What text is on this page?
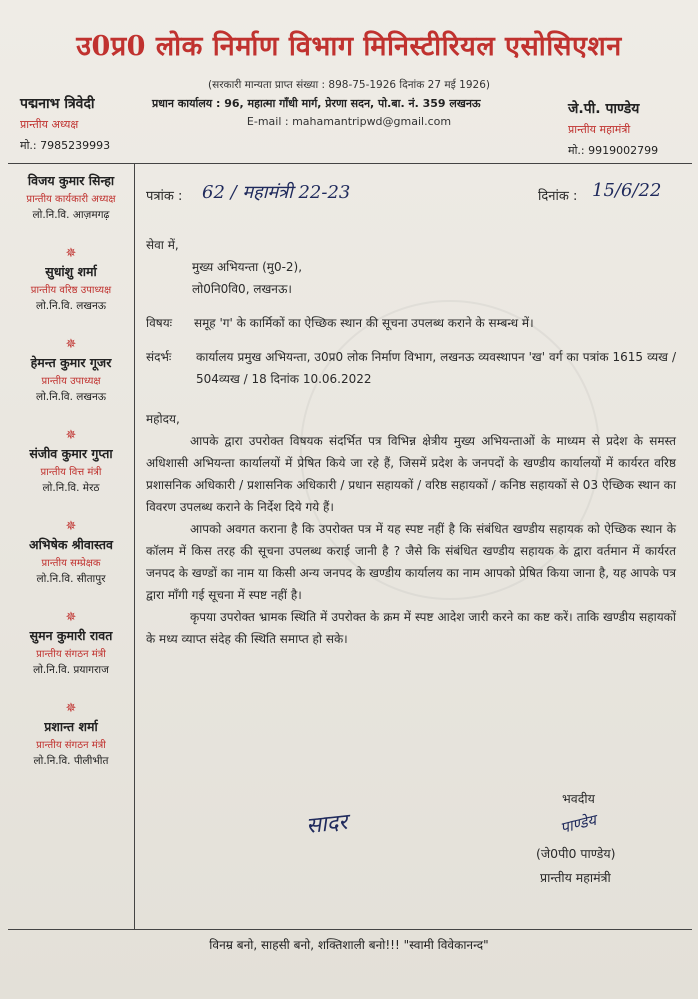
उ0प्र0 लोक निर्माण विभाग मिनिस्टीरियल एसोसिएशन
(सरकारी मान्यता प्राप्त संख्या : 898-75-1926 दिनांक 27 मई 1926)
प्रधान कार्यालय : 96, महात्मा गाँधी मार्ग, प्रेरणा सदन, पो.बा. नं. 359 लखनऊ
E-mail : mahamantripwd@gmail.com
पद्मनाभ त्रिवेदी
प्रान्तीय अध्यक्ष
मो.: 7985239993
जे.पी. पाण्डेय
प्रान्तीय महामंत्री
मो.: 9919002799
विजय कुमार सिन्हा
प्रान्तीय कार्यकारी अध्यक्ष
लो.नि.वि. आज़मगढ़
✵
सुधांशु शर्मा
प्रान्तीय वरिष्ठ उपाध्यक्ष
लो.नि.वि. लखनऊ
✵
हेमन्त कुमार गूजर
प्रान्तीय उपाध्यक्ष
लो.नि.वि. लखनऊ
✵
संजीव कुमार गुप्ता
प्रान्तीय वित्त मंत्री
लो.नि.वि. मेरठ
✵
अभिषेक श्रीवास्तव
प्रान्तीय सम्प्रेक्षक
लो.नि.वि. सीतापुर
✵
सुमन कुमारी रावत
प्रान्तीय संगठन मंत्री
लो.नि.वि. प्रयागराज
✵
प्रशान्त शर्मा
प्रान्तीय संगठन मंत्री
लो.नि.वि. पीलीभीत
पत्रांक : 62 / महामंत्री 22-23	दिनांक : 15/6/22
सेवा में,
मुख्य अभियन्ता (मु0-2),
लो0नि0वि0, लखनऊ।
विषयः	समूह 'ग' के कार्मिकों का ऐच्छिक स्थान की सूचना उपलब्ध कराने के सम्बन्ध में।
संदर्भः	कार्यालय प्रमुख अभियन्ता, उ0प्र0 लोक निर्माण विभाग, लखनऊ व्यवस्थापन 'ख' वर्ग का पत्रांक 1615 व्यख / 504व्यख / 18 दिनांक 10.06.2022
महोदय,
आपके द्वारा उपरोक्त विषयक संदर्भित पत्र विभिन्न क्षेत्रीय मुख्य अभियन्ताओं के माध्यम से प्रदेश के समस्त अधिशासी अभियन्ता कार्यालयों में प्रेषित किये जा रहे हैं, जिसमें प्रदेश के जनपदों के खण्डीय कार्यालयों में कार्यरत वरिष्ठ प्रशासनिक अधिकारी / प्रशासनिक अधिकारी / प्रधान सहायकों / वरिष्ठ सहायकों / कनिष्ठ सहायकों से 03 ऐच्छिक स्थान का विवरण उपलब्ध कराने के निर्देश दिये गये हैं।
आपको अवगत कराना है कि उपरोक्त पत्र में यह स्पष्ट नहीं है कि संबंधित खण्डीय सहायक को ऐच्छिक स्थान के कॉलम में किस तरह की सूचना उपलब्ध कराई जानी है ? जैसे कि संबंधित खण्डीय सहायक के द्वारा वर्तमान में कार्यरत जनपद के खण्डों का नाम या किसी अन्य जनपद के खण्डीय कार्यालय का नाम आपको प्रेषित किया जाना है, यह आपके पत्र द्वारा माँगी गई सूचना में स्पष्ट नहीं है।
कृपया उपरोक्त भ्रामक स्थिति में उपरोक्त के क्रम में स्पष्ट आदेश जारी करने का कष्ट करें। ताकि खण्डीय सहायकों के मध्य व्याप्त संदेह की स्थिति समाप्त हो सके।
भवदीय
सादर	पाण्डेय
(जे0पी0 पाण्डेय)
प्रान्तीय महामंत्री
विनम्र बनो, साहसी बनो, शक्तिशाली बनो!!! "स्वामी विवेकानन्द"
